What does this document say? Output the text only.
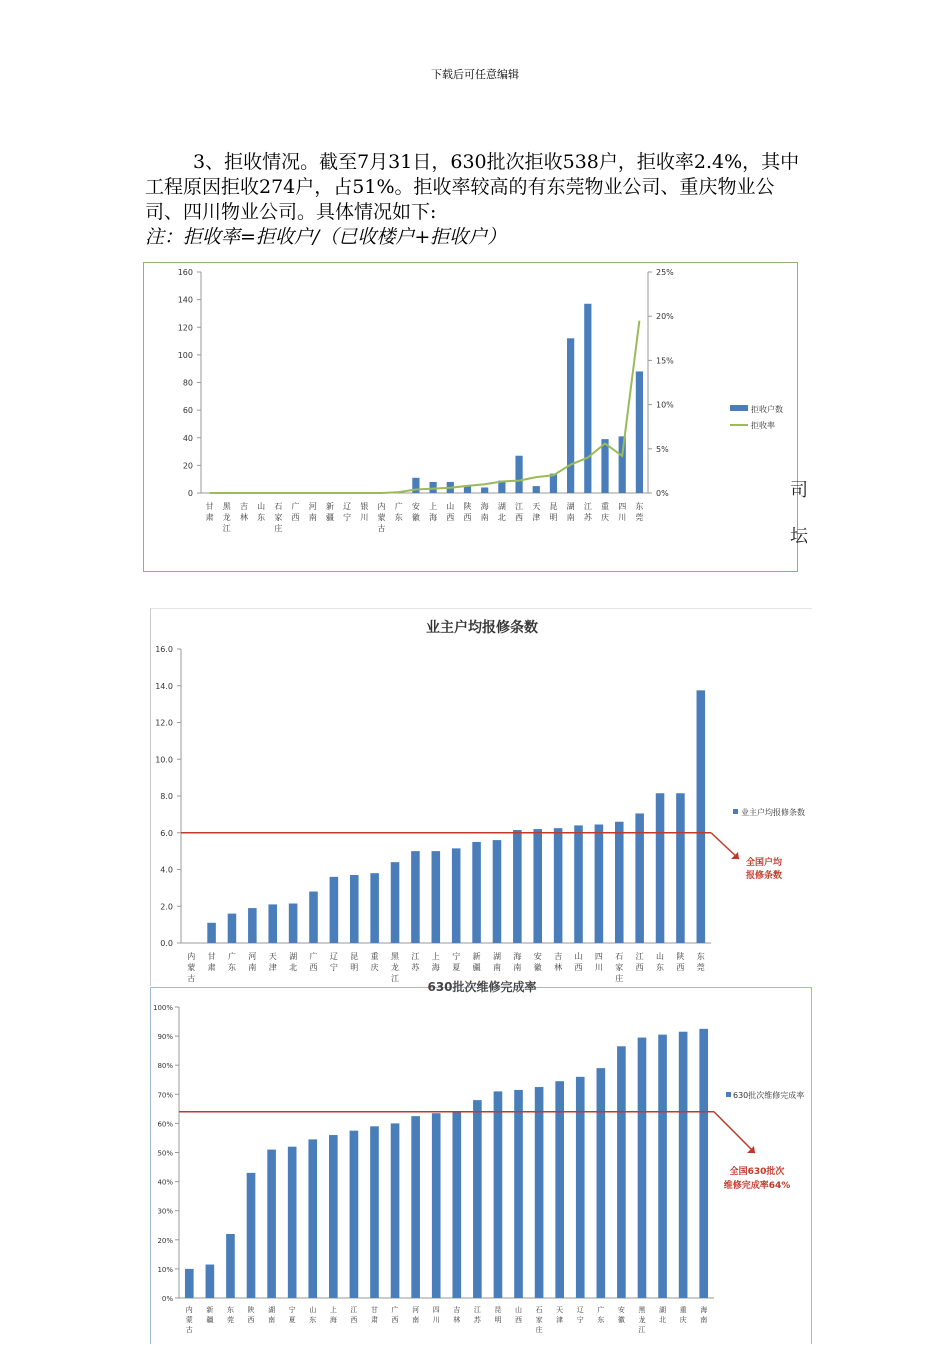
下载后可任意编辑

3、拒收情况。截至7月31日，630批次拒收538户，拒收率2.4%，其中工程原因拒收274户，占51%。拒收率较高的有东莞物业公司、重庆物业公司、四川物业公司。具体情况如下:

注：拒收率=拒收户/（已收楼户+拒收户）

0
20
40
60
80
100
120
140
160
0%
5%
10%
15%
20%
25%
甘
肃
黑
龙
江
吉
林
山
东
石
家
庄
广
西
河
南
新
疆
辽
宁
银
川
内
蒙
古
广
东
安
徽
上
海
山
西
陕
西
海
南
湖
北
江
西
天
津
昆
明
湖
南
江
苏
重
庆
四
川
东
莞
拒收户数
拒收率
司
坛
业主户均报修条数
0.0
2.0
4.0
6.0
8.0
10.0
12.0
14.0
16.0
内
蒙
古
甘
肃
广
东
河
南
天
津
湖
北
广
西
辽
宁
昆
明
重
庆
黑
龙
江
江
苏
上
海
宁
夏
新
疆
湖
南
海
南
安
徽
吉
林
山
西
四
川
石
家
庄
江
西
山
东
陕
西
东
莞
全国户均
报修条数
业主户均报修条数
630批次维修完成率
0%
10%
20%
30%
40%
50%
60%
70%
80%
90%
100%
内
蒙
古
新
疆
东
莞
陕
西
湖
南
宁
夏
山
东
上
海
江
西
甘
肃
广
西
河
南
四
川
吉
林
江
苏
昆
明
山
西
石
家
庄
天
津
辽
宁
广
东
安
徽
黑
龙
江
湖
北
重
庆
海
南
全国630批次
维修完成率64%
630批次维修完成率
